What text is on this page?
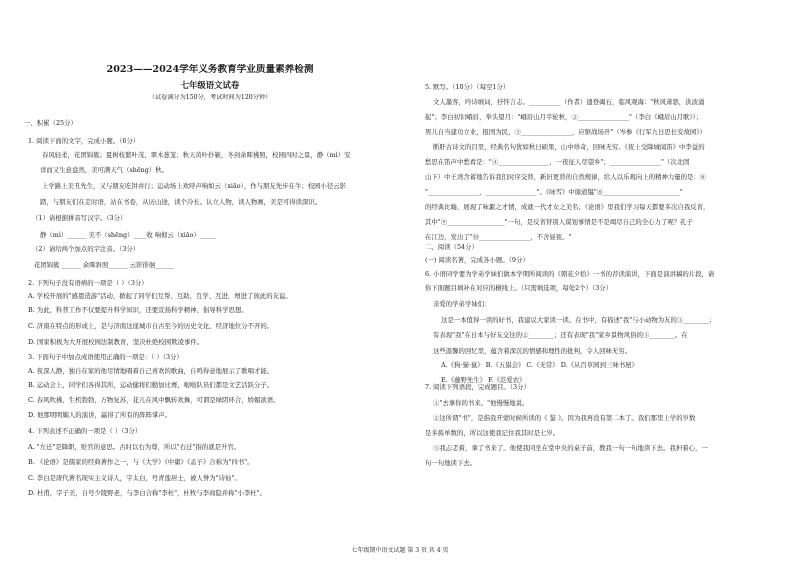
2023——2024学年义务教育学业质量素养检测
七年级语文试卷
（试卷满分为150分，考试时间为120分钟）
一、积累（25分）
1. 阅读下面的文字，完成小题。（6分）
春风轻柔，花团锦簇；夏树枝繁叶茂，翠木葱茏；秋天黄叶扑簌，冬剑余晖拂照，校园四时之景，静（mì）安
详而又生意盎然，美可满天气（shēng）秋。
上学路上美丑先生，又与朋友吃饼并行；运动场上欢呼声响如云（xiāo），作与朋友先步在牛；校园小径云影
踏，与朋友们在走时语，站在书卷，从历山途，读个冷长。认立人物，读人物画，美是可得读深识。
（1）请根据拼音写汉字。（3分）
静（mì）______ 美不（shēng）____收 响彻云（xiāo）_____
（2）请给两个加点的字注音。（3分）
花团锦簇 ______ 余晖斜照______ 云影徘徊______
2. 下列句子没有语病的一项是（ ）（3分）
A. 学校开展的"感恩造游"活动，掀起了同学们互帮、互助、互学、互进，增进了彼此的友谊。
B. 为此，科普工作不仅要提升科学知识，还要宣扬科学精神、倡导科学思想。
C. 济南在特点的形成上，是与济南这座城市自古至今的历史文化、经济地位分不开的。
D. 国家积极为大开展校园法制教育，坚决杜绝校园欺凌事件。
3. 下面句子中加点成语使用正确的一项是：（ ）（3分）
A. 夜深人静，独自在家的他尽情地唱着自己喜欢的歌曲，自鸣得意地展示了歌唱才能。
B. 运动会上，同学们各得其所，运动健将们勤加比赛，啦啦队员们都是文艺活跃分子。
C. 春风吹拂，生机勃勃，万物复苏，花儿在风中飘转欢舞，可谓是绿阴环合，娇媚欲语。
D. 他那明明媚人的演讲，赢得了所有的阵阵掌声。
4. 下列表述不正确的一项是（ ）（3分）
A. "左迁"是降职，贬官的意思。古时以右为尊，所以"右迁"指的就是升官。
B. 《论语》是儒家的经典著作之一，与《大学》《中庸》《孟子》合称为"四书"。
C. 李白是唐代著名现实主义诗人，字太白，号青莲居士，被人誉为"诗仙"。
D. 杜甫，字子美，自号少陵野老，与李白合称"李杜"，杜牧与李商隐并称"小李杜"。
5. 默写。（10分）（每空1分）
文人墨客，吟诗填词，抒怀言志。__________（作者）遗登碣石，临风观海："秋风萧瑟，洪波涌
起"；李白初识峨眉，举头望月："峨眉山月半轮秋，②________________"（李白《峨眉山月歌》）；
男儿自当建功立业，报国为民，③________________，应驱战场开"（岑参《行军九日思长安故园》）
断肝古诗文的目里，经典名句犹如秋日硕果，山中珍奇，回味无穷。《夜上受降城闻笛》中李益的
愁思在笛声中愁看是："④________________，一夜征人尽望乡"；________________"（次北固
山下）中王湾含蓄地告诉我们时序交替，新旧更替的自然规律，给人以乐观向上的精神力量的是：⑥
"________________，________________"。《咏雪》中谢道韫"⑧________________________"
的经典比喻，展现了咏絮之才情，成就一代才女之美名；《论语》里我们学习每天都要多次自我反省，
其中"⑨__________________"一句，是反省替别人谋划事情是不是竭尽自己的全心力了呢？孔子
在江边，发出了"⑩________________，不舍昼夜。"
二、阅读（54分）
(一) 阅读名著，完成各小题。（9分）
6. 小语同学要为学弟学妹们做本学期所阅读的《朝花夕拾》一书的荐读演讲，下面是演讲稿的片段，请
你下面题目填补在对应的横线上。（只需填选项，每处2个）（3分）
亲爱的学弟学妹们：
这是一本值得一读的好书，我建议大家读一读。在书中，有描述"我"与小动物为友的①________；
有表现"我"在日本与好友交往的②________；还有表现"我"家乡景物风俗的③________。在
这些温馨的回忆里，蕴含着深沉的情感和理性的批判，令人回味无穷。
A.《狗·猫·鼠》 B.《五猖会》 C.《无常》 D.《从百草园到三味书屋》
E.《藤野先生》 F.《范爱农》
7. 阅读下列语段，完成题目。（3分）
①"去拿你的书来。"他慢慢地说。
②这所谓"书"，是指我开蒙时候所读的《 鉴 》。因为我再没有第二本了。我们那里上学的岁数
是多拣单数的，所以这使我记住我其时是七岁。
③我忐忑着，拿了书来了。他使我同坐在堂中央的桌子前，教我一句一句地读下去。我担着心，一
句一句地读下去。
七年级期中语文试题 第 3 页 共 4 页
